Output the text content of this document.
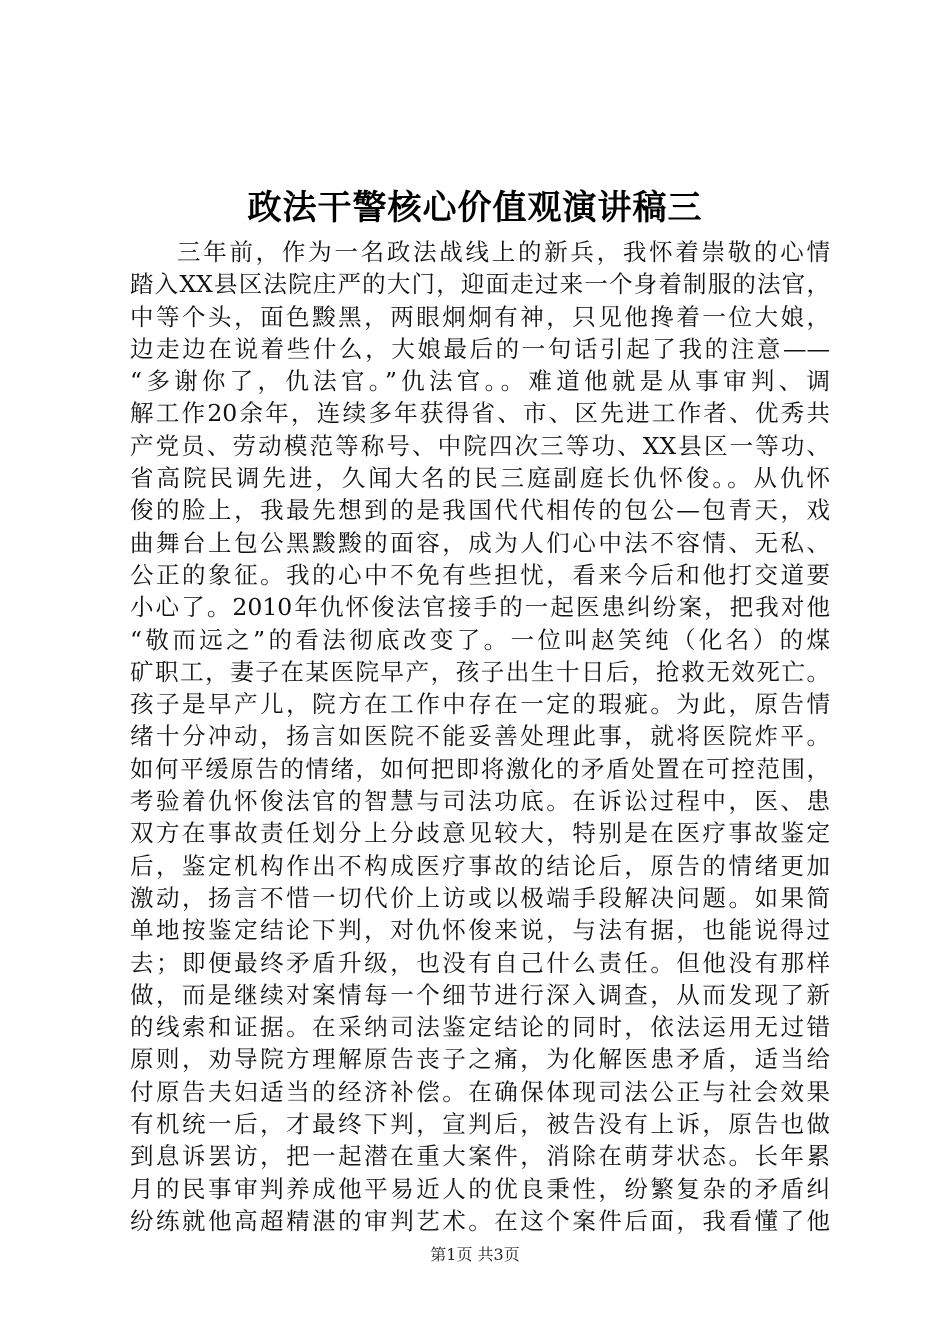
政法干警核心价值观演讲稿三
三年前，作为一名政法战线上的新兵，我怀着崇敬的心情
踏入XX县区法院庄严的大门，迎面走过来一个身着制服的法官，
中等个头，面色黢黑，两眼炯炯有神，只见他搀着一位大娘，
边走边在说着些什么，大娘最后的一句话引起了我的注意——
“多谢你了，仇法官。”仇法官。。难道他就是从事审判、调
解工作20余年，连续多年获得省、市、区先进工作者、优秀共
产党员、劳动模范等称号、中院四次三等功、XX县区一等功、
省高院民调先进，久闻大名的民三庭副庭长仇怀俊。。从仇怀
俊的脸上，我最先想到的是我国代代相传的包公—包青天，戏
曲舞台上包公黑黢黢的面容，成为人们心中法不容情、无私、
公正的象征。我的心中不免有些担忧，看来今后和他打交道要
小心了。2010年仇怀俊法官接手的一起医患纠纷案，把我对他
“敬而远之”的看法彻底改变了。一位叫赵笑纯（化名）的煤
矿职工，妻子在某医院早产，孩子出生十日后，抢救无效死亡。
孩子是早产儿，院方在工作中存在一定的瑕疵。为此，原告情
绪十分冲动，扬言如医院不能妥善处理此事，就将医院炸平。
如何平缓原告的情绪，如何把即将激化的矛盾处置在可控范围，
考验着仇怀俊法官的智慧与司法功底。在诉讼过程中，医、患
双方在事故责任划分上分歧意见较大，特别是在医疗事故鉴定
后，鉴定机构作出不构成医疗事故的结论后，原告的情绪更加
激动，扬言不惜一切代价上访或以极端手段解决问题。如果简
单地按鉴定结论下判，对仇怀俊来说，与法有据，也能说得过
去；即便最终矛盾升级，也没有自己什么责任。但他没有那样
做，而是继续对案情每一个细节进行深入调查，从而发现了新
的线索和证据。在采纳司法鉴定结论的同时，依法运用无过错
原则，劝导院方理解原告丧子之痛，为化解医患矛盾，适当给
付原告夫妇适当的经济补偿。在确保体现司法公正与社会效果
有机统一后，才最终下判，宣判后，被告没有上诉，原告也做
到息诉罢访，把一起潜在重大案件，消除在萌芽状态。长年累
月的民事审判养成他平易近人的优良秉性，纷繁复杂的矛盾纠
纷练就他高超精湛的审判艺术。在这个案件后面，我看懂了他
第1页 共3页
